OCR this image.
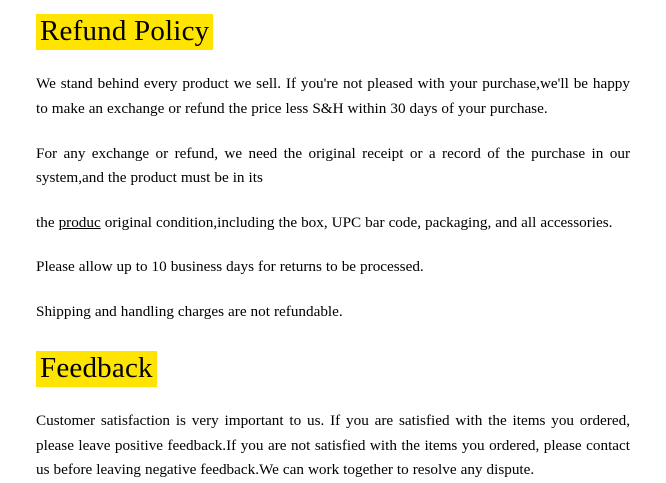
Refund Policy

We stand behind every product we sell. If you're not pleased with your purchase,we'll be happy to make an exchange or refund the price less S&H within 30 days of your purchase.

For any exchange or refund, we need the original receipt or a record of the purchase in our system,and the product must be in its

the produc original condition,including the box, UPC bar code, packaging, and all accessories.

Please allow up to 10 business days for returns to be processed.

Shipping and handling charges are not refundable.

Feedback

Customer satisfaction is very important to us. If you are satisfied with the items you ordered, please leave positive feedback.If you are not satisfied with the items you ordered, please contact us before leaving negative feedback.We can work together to resolve any dispute.
